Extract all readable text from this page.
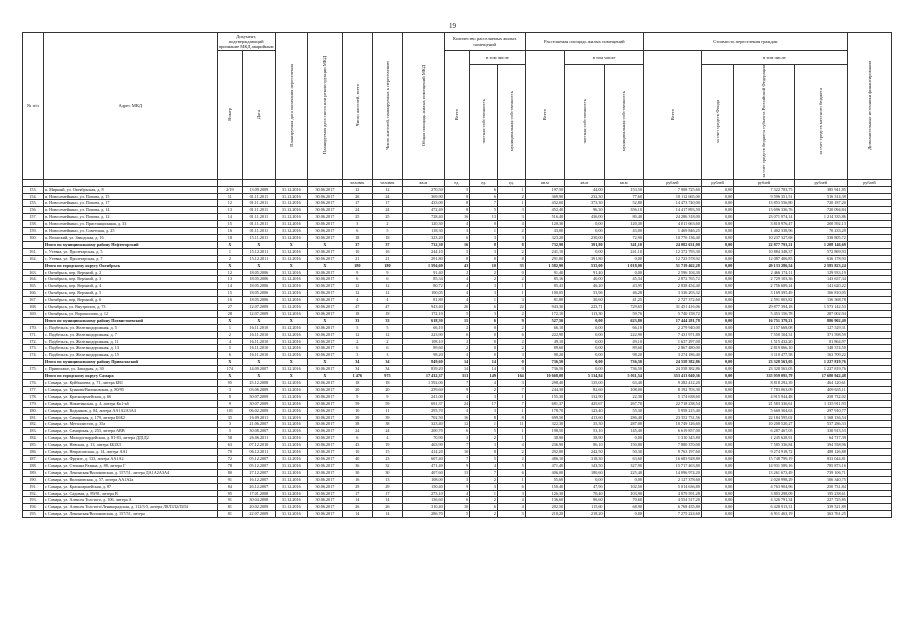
19
№ п/п	Адрес МКД	Документ, подтверждающий признание МКД аварийным		Планируемая дата окончания переселения	Планируемая дата сноса или реконструкции МКД	Число жителей, всего	Число жителей, планируемых к переселению	Общая площадь жилых помещений МКД	Количество расселяемых жилых помещений			Расселяемая площадь жилых помещений			Стоимость переселения граждан				Дополнительные источники финансирования
		Номер	Дата						Всего	в том числе		Всего	в том числе		Всего	в том числе			
										частная собственность	муниципальная собственность		частная собственность	муниципальная собственность		за счет средств Фонда	за счет средств бюджета субъекта Российской Федерации	за счет средств местного бюджета	
						человек	человек	кв.м	ед.	ед.	ед.	кв.м	кв.м	кв.м	рублей	рублей	рублей	рублей	рублей
153.	п. Мирный, ул. Октябрьская, д. 8	2/19	13.09.2009	31.12.2016	30.06.2017	12	12	270,50	5	6	1	197,50	44,00	153,50	7 908 725,60	0,00	7 322 783,75	385 941,85	
154.	п. Новосемейкино, ул. Попова, д. 15	11	01.11.2011	31.12.2016	30.06.2017	26	24	369,90	8	6	2	369,90	232,30	77,60	10 112 665,00	0,00	9 596 351,51	516 314,39	
155.	п. Новосемейкино, ул. Попова, д. 17	12	01.11.2011	31.12.2016	30.06.2017	17	17	433,00	8	7	1	432,60	373,30	52,80	14 473 740,00	0,00	13 853 556,80	720 187,20	
156.	п. Новосемейкино, ул. Попова, д. 14	13	01.11.2011	31.12.2016	30.06.2017	24	24	472,40	8	5	3	452,40	96,30	356,10	14 417 893,50	0,00	13 696 336,76	720 094,84	
157.	п. Новосемейкино, ул. Попова, д. 12	14	01.11.2011	31.12.2016	30.06.2017	25	25	728,40	16	13	3	516,40	436,00	80,40	24 286 318,00	0,00	23 071 974,14	1 214 335,86	
158.	п. Новосемейкино, ул. Пристанционная, д. 33	15	01.11.2011	31.12.2016	30.06.2017	3	2	120,30	4	0	4	120,30	0,00	120,30	4 011 663,60	0,00	3 810 976,47	200 592,13	
159.	п. Новосемейкино, ул. Советская, д. 25	16	01.11.2011	31.12.2016	30.06.2017	6	5	118,30	3	1	2	43,00	0,00	43,00	1 469 846,25	0,00	1 402 338,96	70 233,29	
160.	п. Волжский, ул. Заводская, д. 16	18	15.11.2011	31.12.2016	30.06.2017	18	18	323,20	6	3	3	323,20	230,00	72,90	10 776 136,40	0,00	10 237 327,68	538 805,72	
	Итого по муниципальному району Нефтегорский	X	X	X	X	37	37	732,30	16	8	8	732,90	391,80	341,10	24 082 631,00	0,00	22 877 793,21	1 208 146,69	
161.	с. Утевка, ул. Пролетарская, д. 5	1	15.12.2011	31.12.2016	30.06.2017	16	16	244,10	5	3	2	241,10	0,00	241,10	12 372 793,30	0,00	10 884 348,37	572 869,93	
162.	с. Утевка, ул. Пролетарская, д. 7	2	15.12.2011	31.12.2016	30.06.2017	21	21	291,80	8	0	8	291,80	391,80	0,00	12 723 578,92	0,00	12 087 406,85	636 178,93	
	Итого по городскому округу Октябрьск	X	X	X	X	180	180	1 594,60	43	10	33	1 582,90	535,00	1 018,00	51 719 462,28	0,00	49 133 286,54	2 585 823,24	
163.	г. Октябрьск, пер. Верхний, д. 2	12	18.05.2006	31.12.2016	30.06.2017	9	9	91,40	2	2	0	91,40	91,40	0,00	2 596 104,30	0,00	2 466 174,11	129 933,19	
164.	г. Октябрьск, пер. Верхний, д. 3	13	18.05.2006	31.12.2016	30.06.2017	6	6	85,34	4	2	2	85,16	40,00	45,34	2 872 765,72	0,00	2 729 103,36	143 637,34	
165.	г. Октябрьск, пер. Верхний, д. 4	14	18.05.2006	31.12.2016	30.06.2017	12	12	80,72	4	3	1	85,43	46,20	43,95	2 838 454,40	0,00	2 756 689,24	141 620,22	
166.	г. Октябрьск, пер. Верхний, д. 5	15	18.05.2006	31.12.2016	30.06.2017	12	12	100,05	4	3	1	100,05	53,96	46,28	3 336 203,32	0,00	3 169 395,49	166 810,05	
167.	г. Октябрьск, пер. Верхний, д. 6	16	18.05.2006	31.12.2016	30.06.2017	4	4	81,80	4	1	3	81,80	30,60	41,25	2 727 372,60	0,00	2 591 003,82	136 368,78	
168.	г. Октябрьск, ул. Внутрипоп, д. 73	27	12.07.2009	31.12.2016	30.06.2017	47	47	943,40	26	6	22	943,30	223,71	729,65	31 451 416,06	0,00	29 877 394,18	1 573 142,53	
169.	г. Октябрьск, ул. Ворошилова, д. 12	28	12.07.2009	31.12.2016	30.06.2017	18	18	172,10	5	3	2	172,10	113,30	59,76	5 740 158,72	0,00	5 453 156,78	287 002,94	
	Итого по муниципальному району Похвистневский	X	X	X	X	33	33	618,30	15	6	9	527,50	0,00	623,80	17 444 281,78	0,00	16 751 379,21	886 902,49	
170.	с. Подбельск, ул. Железнодорожная, д. 5	1	16.11.2010	31.12.2016	30.06.2017	5	5	66,10	2	0	2	66,10	0,00	66,10	2 279 940,00	0,00	2 157 668,08	127 529,31	
171.	с. Подбельск, ул. Железнодорожная, д. 7	2	16.11.2010	31.12.2016	30.06.2017	12	12	223,90	6	0	6	222,90	0,00	222,90	7 431 971,80	0,00	7 550 104,31	371 598,59	
172.	с. Подбельск, ул. Железнодорожная, д. 11	4	16.11.2010	31.12.2016	30.06.2017	2	2	108,10	2	0	2	49,10	0,00	49,10	1 637 297,00	0,00	1 515 432,20	81 864,97	
173.	с. Подбельск, ул. Железнодорожная, д. 13	5	16.11.2010	31.12.2016	30.06.2017	6	6	89,60	2	0	2	89,60	0,00	89,60	2 867 480,00	0,00	2 819 066,10	148 374,50	
174.	с. Подбельск, ул. Железнодорожная, д. 15	6	16.11.2010	31.12.2016	30.06.2017	3	3	98,20	4	0	3	98,20	0,00	98,20	3 274 186,40	0,00	3 110 477,58	163 709,22	
	Итого по муниципальному району Приволжский	X	X	X	X	34	34	849,60	14	14	0	736,50	0,00	736,50	24 558 382,86	0,00	23 328 563,05	1 227 819,76	
175.	с. Приволжье, ул. Западная, д. 30	174	14.09.2007	31.12.2016	30.06.2017	34	34	839,20	14	14	0	736,50	0,00	736,50	24 558 382,86	0,00	23 328 563,05	1 227 819,76	
	Итого по городскому округу Самара	X	X	X	X	1 476	975	17 432,37	313	149	164	10 668,08	5 134,84	5 011,54	353 413 040,36	0,00	335 959 095,79	17 680 942,48	
176.	г. Самара, ул. Куйбышева, д. 71, литера БВ1	95	25.12.2008	31.12.2016	30.06.2017	18	18	1 592,00	7	4	3	298,40	135,00	63,40	9 282 412,20	0,00	8 818 292,39	464 120,61	
177.	г. Самара, ул. Буянова/Вилоновская, д. 80/95	3	03.06.2009	31.12.2016	30.06.2017	20	20	259,60	9	2	7	244,30	82,60	108,00	8 192 703,30	0,00	7 783 063,09	409 635,11	
178.	г. Самара, ул. Красноармейская, д. 66	8	30.07.2009	31.12.2016	30.06.2017	9	9	241,00	4	3	1	155,30	132,90	22,30	5 174 638,60	0,00	4 915 944,48	258 732,02	
179.	г. Самара, ул. Никитинская, д. 4, литера Кк1-к6	9	30.07.2009	31.12.2016	30.06.2017	59	59	691,37	24	17	7	681,37	425,67	267,70	22 718 238,54	0,00	21 583 336,61	1 135 911,93	
180.	г. Самара, ул. Водников, д. 84, литера АА1А2А3А4	101	06.02.2009	31.12.2016	30.06.2017	10	11	295,70	4	3	1	178,70	123,40	55,30	5 958 215,40	0,00	5 660 304,63	297 910,77	
181.	г. Самара, ул. Самарская, д. 179, литера Б6Б2	35	16.09.2011	31.12.2016	30.06.2017	39	39	702,50	16	8	8	699,50	413,60	286,40	23 352 731,56	0,00	22 184 595,02	1 168 136,54	
182.	г. Самара, ул. Металлистов, д. 35а	3	21.06.2007	31.12.2016	30.06.2017	38	38	323,40	12	1	11	322,30	35,30	287,00	10 749 126,60	0,00	10 208 520,27	537 286,33	
183.	г. Самара, ул. Самарская, д. 253, литера АВВ	5	30.08.2007	31.12.2016	30.06.2017	24	24	200,70	6	5	1	198,50	53,10	145,40	6 619 857,00	0,00	6 287 467,05	330 913,53	
184.	г. Самара, ул. Молодогвардейская, д. 81-83, литера ДД1Д2	58	26.06.2011	31.12.2016	30.06.2017	6	4	70,90	3	2	1	38,90	38,90	0,00	1 310 345,80	0,00	1 245 628,91	64 717,39	
185.	г. Самара, ул. Невская, д. 13, литера ББ2Б3	63	07.12.2010	31.12.2016	30.06.2017	43	19	463,90	7	3	4	236,90	86,10	150,80	7 880 370,00	0,00	7 585 336,84	394 558,96	
186.	г. Самара, ул. Некрасовская, д. 14, литера АА1	70	06.12.2011	31.12.2016	30.06.2017	16	15	414,20	10	8	2	292,80	242,50	50,30	9 763 197,60	0,00	9 274 918,72	488 126,88	
187.	г. Самара, ул. Фрунзе, д. 133, литера АА1А2	72	05.12.2007	31.12.2016	30.06.2017	40	23	607,40	7	5	2	486,10	318,30	63,60	16 683 928,80	0,00	15 748 799,19	833 044,81	
188.	г. Самара, ул. Степана Разина, д. 88, литера Г	78	05.12.2007	31.12.2016	30.06.2017	36	32	471,40	9	4	5	471,40	143,50	327,90	15 717 463,80	0,00	14 931 589,16	785 873,16	
189.	г. Самара, ул. Ленинская/Вилоновская, д. 157/51, литера ДА1А2А3А4	80	27.12.2007	31.12.2016	30.06.2017	30	30	407,60	13	7	6	406,00	180,60	225,40	14 096 974,20	0,00	13 261 673,49	739 106,71	
190.	г. Самара, ул. Вилоновская, д. 57, литера АА1А2а	91	16.12.2007	31.12.2016	30.06.2017	16	13	108,00	3	2	1	55,60	0,00	0,00	2 127 378,60	0,00	2 020 998,29	106 340,75	
191.	г. Самара, ул. Красноармейская, д. 87	84	26.12.2007	31.12.2016	30.06.2017	29	29	150,40	9	3	6	150,40	47,90	102,50	5 014 636,80	0,00	4 763 904,96	250 731,84	
192.	г. Самара, ул. Садовая, д. 89/91, литера В	95	17.01.2008	31.12.2016	30.06.2017	17	17	273,10	4	1	3	126,30	70,40	103,90	4 079 591,28	0,00	3 803 298,09	195 238,61	
193.	г. Самара, ул. Алексея Толстого, д. 106, литера А	91	30.04.2008	31.12.2016	30.06.2017	14	14	136,60	6	2	4	136,60	96,60	70,60	4 554 517,20	0,00	4 326 791,34	227 725,85	
194.	г. Самара, ул. Алексея Толстого/Ленинградская, д. 112/3-5, литера Л8Л1Л2Л3Л4	81	20.02.2009	31.12.2016	30.06.2017	26	26	310,40	10	6	4	202,50	115,60	68,90	6 768 435,80	0,00	6 428 913,31	339 521,89	
195.	г. Самара, ул. Ленинская/Вилоновская, д. 157/51, литера	81	22.07.2009	31.12.2016	30.06.2017	14	14	286,70	5	2	3	218,20	218,20	0,00	7 275 224,60	0,00	6 911 463,19	363 761,25	
